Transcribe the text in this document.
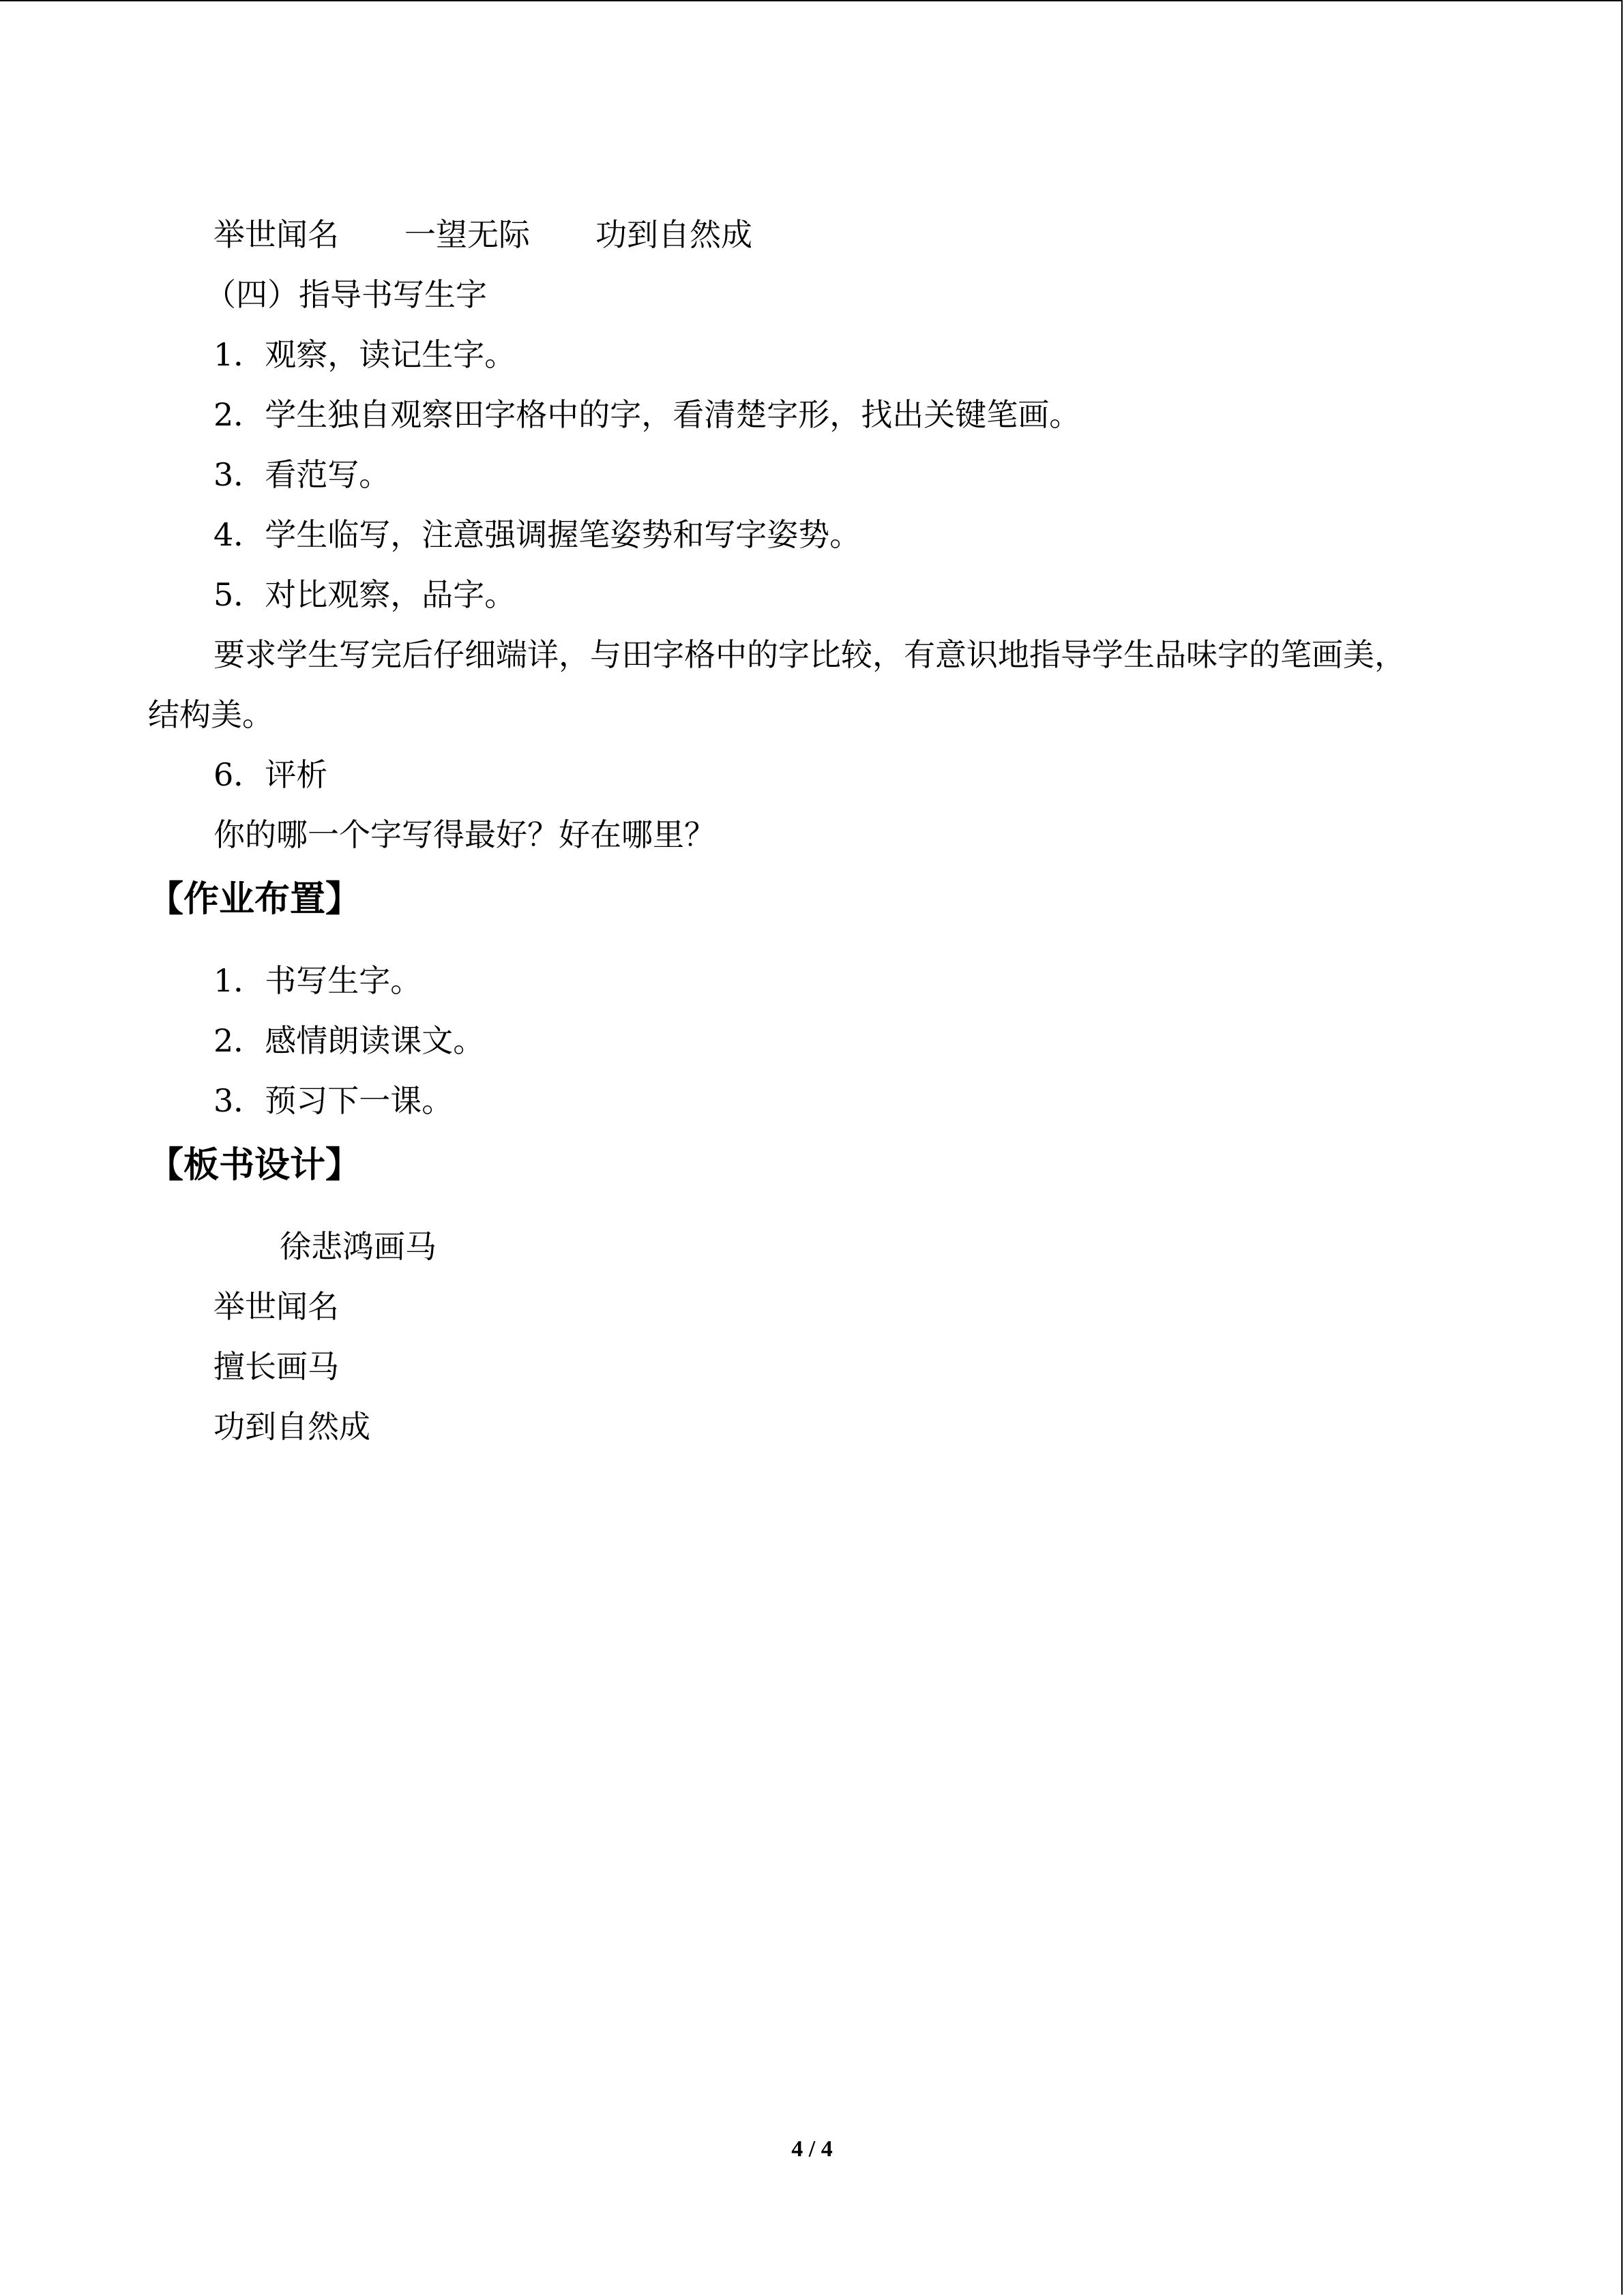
举世闻名 一望无际 功到自然成
（四）指导书写生字
1．观察，读记生字。
2．学生独自观察田字格中的字，看清楚字形，找出关键笔画。
3．看范写。
4．学生临写，注意强调握笔姿势和写字姿势。
5．对比观察，品字。
要求学生写完后仔细端详，与田字格中的字比较，有意识地指导学生品味字的笔画美，
结构美。
6．评析
你的哪一个字写得最好？好在哪里？
【作业布置】
1．书写生字。
2．感情朗读课文。
3．预习下一课。
【板书设计】
徐悲鸿画马
举世闻名
擅长画马
功到自然成
4 / 4
